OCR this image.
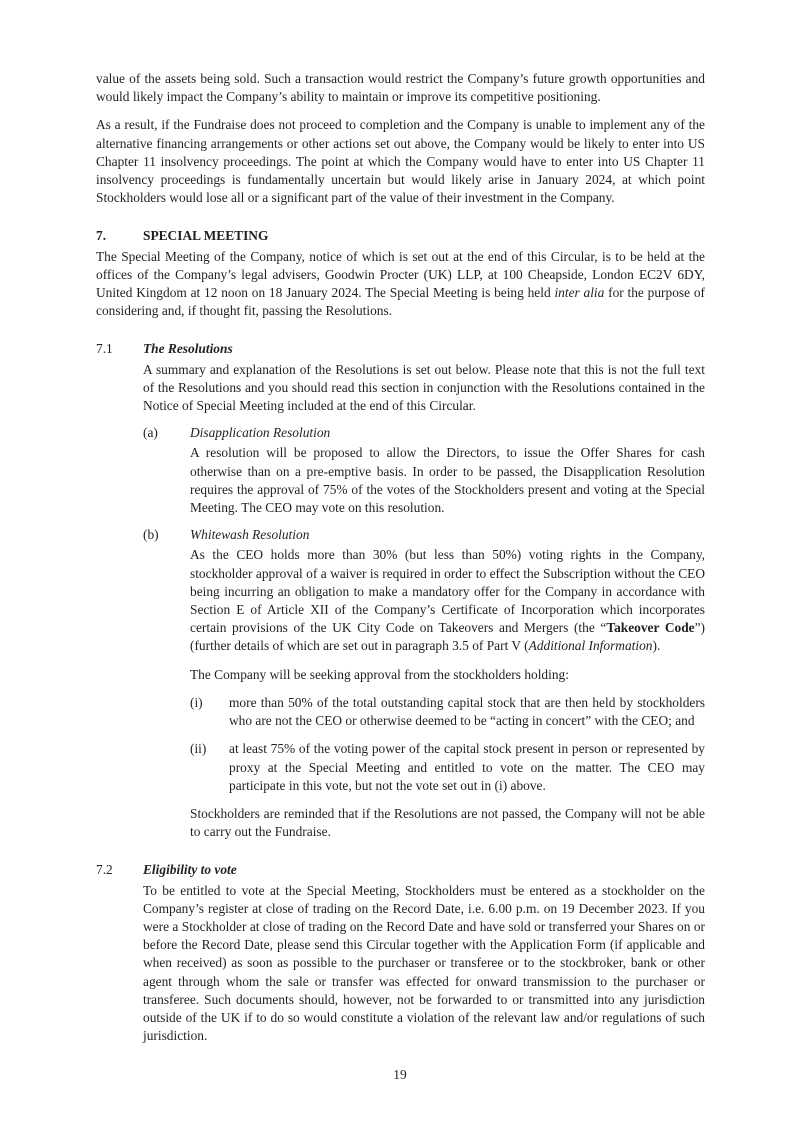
value of the assets being sold. Such a transaction would restrict the Company’s future growth opportunities and would likely impact the Company’s ability to maintain or improve its competitive positioning.

As a result, if the Fundraise does not proceed to completion and the Company is unable to implement any of the alternative financing arrangements or other actions set out above, the Company would be likely to enter into US Chapter 11 insolvency proceedings. The point at which the Company would have to enter into US Chapter 11 insolvency proceedings is fundamentally uncertain but would likely arise in January 2024, at which point Stockholders would lose all or a significant part of the value of their investment in the Company.

7.	SPECIAL MEETING

The Special Meeting of the Company, notice of which is set out at the end of this Circular, is to be held at the offices of the Company’s legal advisers, Goodwin Procter (UK) LLP, at 100 Cheapside, London EC2V 6DY, United Kingdom at 12 noon on 18 January 2024. The Special Meeting is being held inter alia for the purpose of considering and, if thought fit, passing the Resolutions.

7.1	The Resolutions

A summary and explanation of the Resolutions is set out below. Please note that this is not the full text of the Resolutions and you should read this section in conjunction with the Resolutions contained in the Notice of Special Meeting included at the end of this Circular.

(a)	Disapplication Resolution

A resolution will be proposed to allow the Directors, to issue the Offer Shares for cash otherwise than on a pre-emptive basis. In order to be passed, the Disapplication Resolution requires the approval of 75% of the votes of the Stockholders present and voting at the Special Meeting. The CEO may vote on this resolution.

(b)	Whitewash Resolution

As the CEO holds more than 30% (but less than 50%) voting rights in the Company, stockholder approval of a waiver is required in order to effect the Subscription without the CEO being incurring an obligation to make a mandatory offer for the Company in accordance with Section E of Article XII of the Company’s Certificate of Incorporation which incorporates certain provisions of the UK City Code on Takeovers and Mergers (the “Takeover Code”) (further details of which are set out in paragraph 3.5 of Part V (Additional Information).

The Company will be seeking approval from the stockholders holding:

(i)	more than 50% of the total outstanding capital stock that are then held by stockholders who are not the CEO or otherwise deemed to be “acting in concert” with the CEO; and

(ii)	at least 75% of the voting power of the capital stock present in person or represented by proxy at the Special Meeting and entitled to vote on the matter. The CEO may participate in this vote, but not the vote set out in (i) above.

Stockholders are reminded that if the Resolutions are not passed, the Company will not be able to carry out the Fundraise.

7.2	Eligibility to vote

To be entitled to vote at the Special Meeting, Stockholders must be entered as a stockholder on the Company’s register at close of trading on the Record Date, i.e. 6.00 p.m. on 19 December 2023. If you were a Stockholder at close of trading on the Record Date and have sold or transferred your Shares on or before the Record Date, please send this Circular together with the Application Form (if applicable and when received) as soon as possible to the purchaser or transferee or to the stockbroker, bank or other agent through whom the sale or transfer was effected for onward transmission to the purchaser or transferee. Such documents should, however, not be forwarded to or transmitted into any jurisdiction outside of the UK if to do so would constitute a violation of the relevant law and/or regulations of such jurisdiction.

19
